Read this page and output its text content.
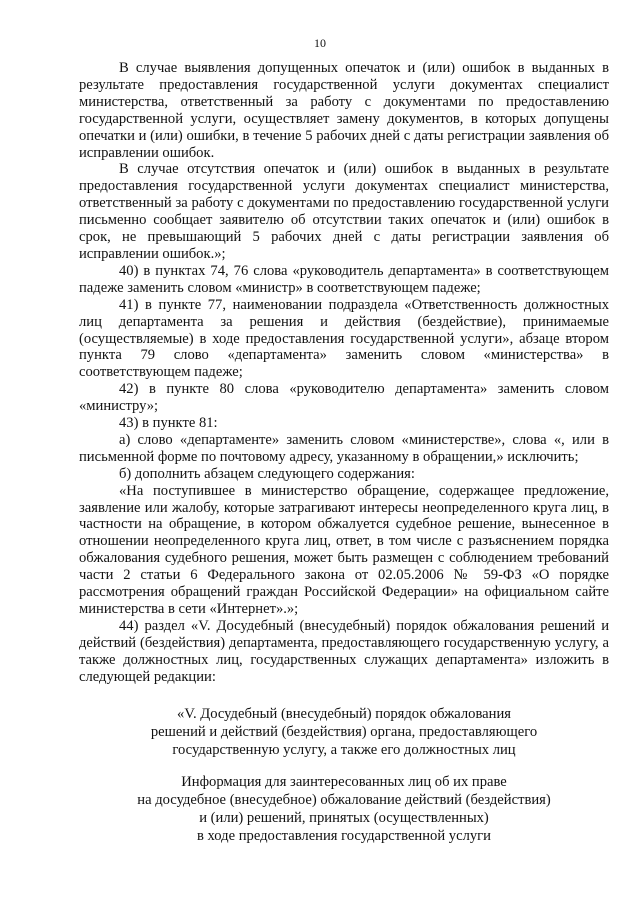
10

В случае выявления допущенных опечаток и (или) ошибок в выданных в результате предоставления государственной услуги документах специалист министерства, ответственный за работу с документами по предоставлению государственной услуги, осуществляет замену документов, в которых допущены опечатки и (или) ошибки, в течение 5 рабочих дней с даты регистрации заявления об исправлении ошибок.

В случае отсутствия опечаток и (или) ошибок в выданных в результате предоставления государственной услуги документах специалист министерства, ответственный за работу с документами по предоставлению государственной услуги письменно сообщает заявителю об отсутствии таких опечаток и (или) ошибок в срок, не превышающий 5 рабочих дней с даты регистрации заявления об исправлении ошибок.»;

40) в пунктах 74, 76 слова «руководитель департамента» в соответствующем падеже заменить словом «министр» в соответствующем падеже;

41) в пункте 77, наименовании подраздела «Ответственность должностных лиц департамента за решения и действия (бездействие), принимаемые (осуществляемые) в ходе предоставления государственной услуги», абзаце втором пункта 79 слово «департамента» заменить словом «министерства» в соответствующем падеже;

42) в пункте 80 слова «руководителю департамента» заменить словом «министру»;

43) в пункте 81:

а) слово «департаменте» заменить словом «министерстве», слова «, или в письменной форме по почтовому адресу, указанному в обращении,» исключить;

б) дополнить абзацем следующего содержания:

«На поступившее в министерство обращение, содержащее предложение, заявление или жалобу, которые затрагивают интересы неопределенного круга лиц, в частности на обращение, в котором обжалуется судебное решение, вынесенное в отношении неопределенного круга лиц, ответ, в том числе с разъяснением порядка обжалования судебного решения, может быть размещен с соблюдением требований части 2 статьи 6 Федерального закона от 02.05.2006 № 59-ФЗ «О порядке рассмотрения обращений граждан Российской Федерации» на официальном сайте министерства в сети «Интернет».»;

44) раздел «V. Досудебный (внесудебный) порядок обжалования решений и действий (бездействия) департамента, предоставляющего государственную услугу, а также должностных лиц, государственных служащих департамента» изложить в следующей редакции:

«V. Досудебный (внесудебный) порядок обжалования

решений и действий (бездействия) органа, предоставляющего

государственную услугу, а также его должностных лиц

Информация для заинтересованных лиц об их праве

на досудебное (внесудебное) обжалование действий (бездействия)

и (или) решений, принятых (осуществленных)

в ходе предоставления государственной услуги
